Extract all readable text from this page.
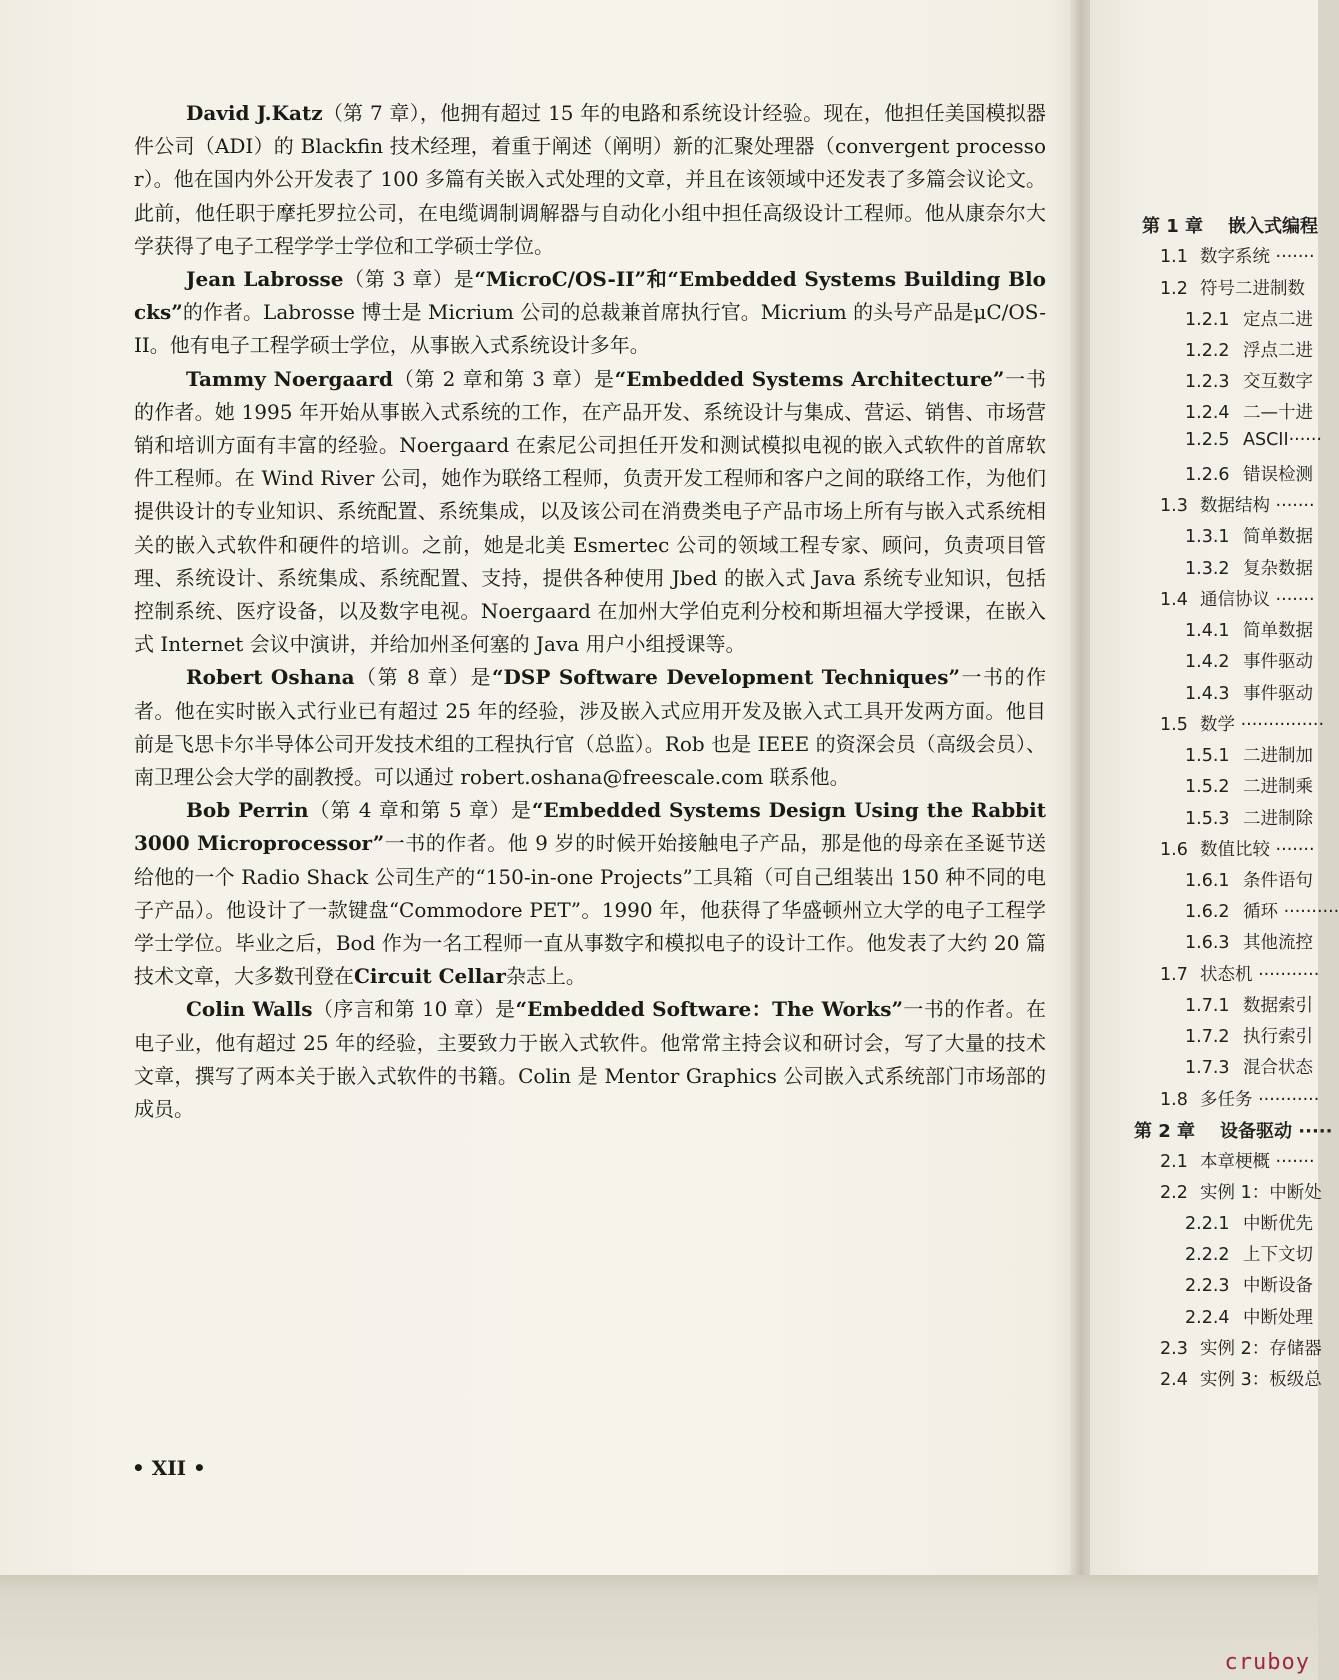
David J.Katz（第 7 章），他拥有超过 15 年的电路和系统设计经验。现在，他担任美国模拟器件公司（ADI）的 Blackfin 技术经理，着重于阐述（阐明）新的汇聚处理器（convergent processor）。他在国内外公开发表了 100 多篇有关嵌入式处理的文章，并且在该领域中还发表了多篇会议论文。此前，他任职于摩托罗拉公司，在电缆调制调解器与自动化小组中担任高级设计工程师。他从康奈尔大学获得了电子工程学学士学位和工学硕士学位。

Jean Labrosse（第 3 章）是“MicroC/OS-II”和“Embedded Systems Building Blocks”的作者。Labrosse 博士是 Micrium 公司的总裁兼首席执行官。Micrium 的头号产品是μC/OS-II。他有电子工程学硕士学位，从事嵌入式系统设计多年。

Tammy Noergaard（第 2 章和第 3 章）是“Embedded Systems Architecture”一书的作者。她 1995 年开始从事嵌入式系统的工作，在产品开发、系统设计与集成、营运、销售、市场营销和培训方面有丰富的经验。Noergaard 在索尼公司担任开发和测试模拟电视的嵌入式软件的首席软件工程师。在 Wind River 公司，她作为联络工程师，负责开发工程师和客户之间的联络工作，为他们提供设计的专业知识、系统配置、系统集成，以及该公司在消费类电子产品市场上所有与嵌入式系统相关的嵌入式软件和硬件的培训。之前，她是北美 Esmertec 公司的领域工程专家、顾问，负责项目管理、系统设计、系统集成、系统配置、支持，提供各种使用 Jbed 的嵌入式 Java 系统专业知识，包括控制系统、医疗设备，以及数字电视。Noergaard 在加州大学伯克利分校和斯坦福大学授课，在嵌入式 Internet 会议中演讲，并给加州圣何塞的 Java 用户小组授课等。

Robert Oshana（第 8 章）是“DSP Software Development Techniques”一书的作者。他在实时嵌入式行业已有超过 25 年的经验，涉及嵌入式应用开发及嵌入式工具开发两方面。他目前是飞思卡尔半导体公司开发技术组的工程执行官（总监）。Rob 也是 IEEE 的资深会员（高级会员）、南卫理公会大学的副教授。可以通过 robert.oshana@freescale.com 联系他。

Bob Perrin（第 4 章和第 5 章）是“Embedded Systems Design Using the Rabbit 3000 Microprocessor”一书的作者。他 9 岁的时候开始接触电子产品，那是他的母亲在圣诞节送给他的一个 Radio Shack 公司生产的“150-in-one Projects”工具箱（可自己组装出 150 种不同的电子产品）。他设计了一款键盘“Commodore PET”。1990 年，他获得了华盛顿州立大学的电子工程学学士学位。毕业之后，Bod 作为一名工程师一直从事数字和模拟电子的设计工作。他发表了大约 20 篇技术文章，大多数刊登在Circuit Cellar杂志上。

Colin Walls（序言和第 10 章）是“Embedded Software：The Works”一书的作者。在电子业，他有超过 25 年的经验，主要致力于嵌入式软件。他常常主持会议和研讨会，写了大量的技术文章，撰写了两本关于嵌入式软件的书籍。Colin 是 Mentor Graphics 公司嵌入式系统部门市场部的成员。

• XII •
第 1 章 嵌入式编程
1.1 数字系统 ·······
1.2 符号二进制数
1.2.1 定点二进
1.2.2 浮点二进
1.2.3 交互数字
1.2.4 二—十进
1.2.5 ASCII······
1.2.6 错误检测
1.3 数据结构 ·······
1.3.1 简单数据
1.3.2 复杂数据
1.4 通信协议 ·······
1.4.1 简单数据
1.4.2 事件驱动
1.4.3 事件驱动
1.5 数学 ···············
1.5.1 二进制加
1.5.2 二进制乘
1.5.3 二进制除
1.6 数值比较 ·······
1.6.1 条件语句
1.6.2 循环 ··········
1.6.3 其他流控
1.7 状态机 ···········
1.7.1 数据索引
1.7.2 执行索引
1.7.3 混合状态
1.8 多任务 ···········
第 2 章 设备驱动 ·····
2.1 本章梗概 ·······
2.2 实例 1：中断处
2.2.1 中断优先
2.2.2 上下文切
2.2.3 中断设备
2.2.4 中断处理
2.3 实例 2：存储器
2.4 实例 3：板级总
cruboy
